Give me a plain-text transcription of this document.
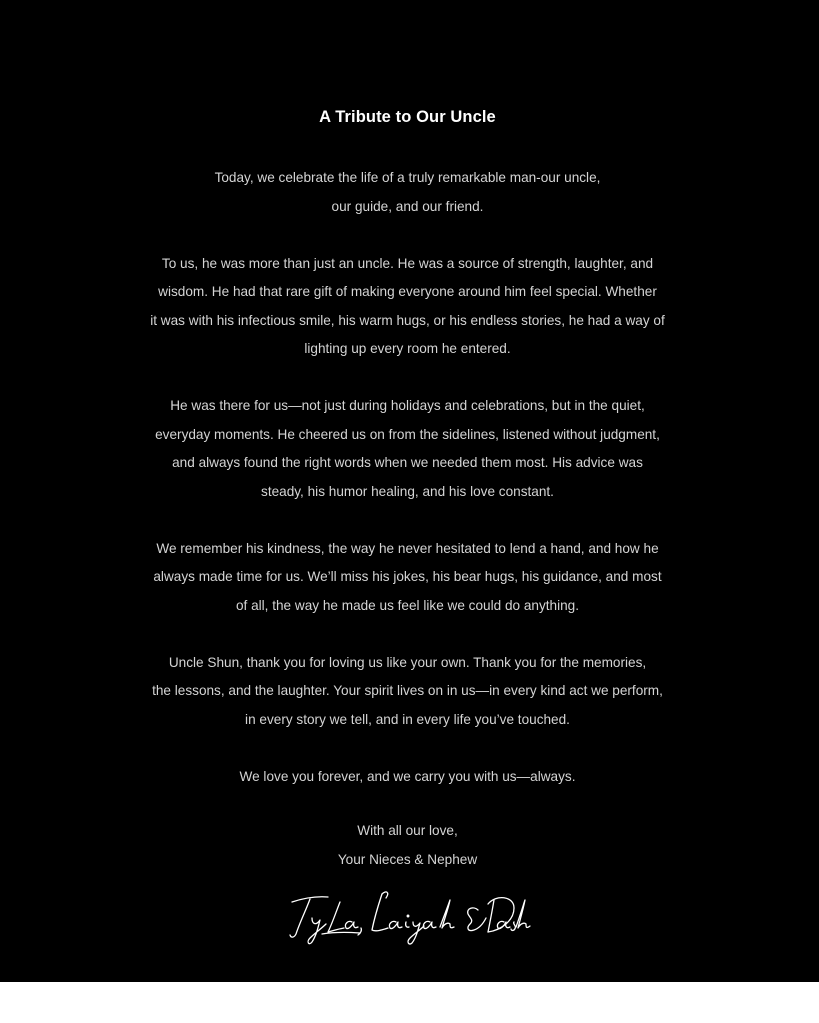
A Tribute to Our Uncle

Today, we celebrate the life of a truly remarkable man-our uncle,
our guide, and our friend.

To us, he was more than just an uncle. He was a source of strength, laughter, and
wisdom. He had that rare gift of making everyone around him feel special. Whether
it was with his infectious smile, his warm hugs, or his endless stories, he had a way of
lighting up every room he entered.

He was there for us—not just during holidays and celebrations, but in the quiet,
everyday moments. He cheered us on from the sidelines, listened without judgment,
and always found the right words when we needed them most. His advice was
steady, his humor healing, and his love constant.

We remember his kindness, the way he never hesitated to lend a hand, and how he
always made time for us. We’ll miss his jokes, his bear hugs, his guidance, and most
of all, the way he made us feel like we could do anything.

Uncle Shun, thank you for loving us like your own. Thank you for the memories,
the lessons, and the laughter. Your spirit lives on in us—in every kind act we perform,
in every story we tell, and in every life you’ve touched.

We love you forever, and we carry you with us—always.

With all our love,
Your Nieces & Nephew
